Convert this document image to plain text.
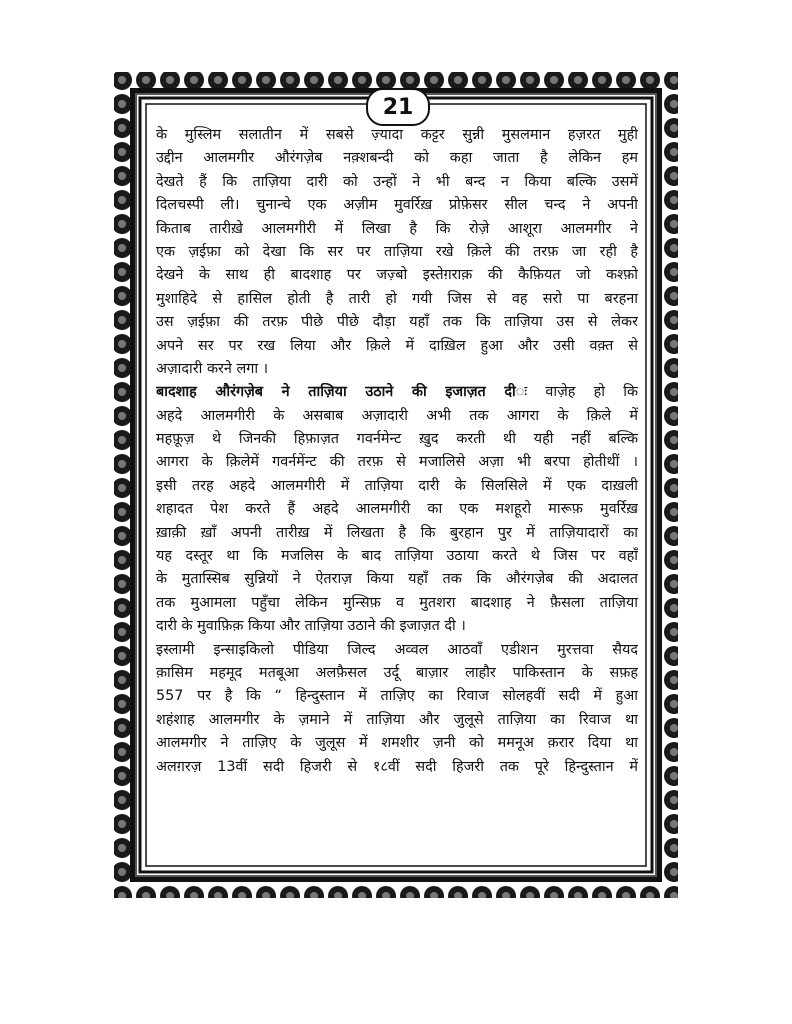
21
के मुस्लिम सलातीन में सबसे ज़्यादा कट्टर सुन्नी मुसलमान हज़रत मुही
उद्दीन आलमगीर औरंगज़ेब नक़्शबन्दी को कहा जाता है लेकिन हम
देखते हैं कि ताज़िया दारी को उन्हों ने भी बन्द न किया बल्कि उसमें
दिलचस्पी ली। चुनान्चे एक अज़ीम मुवर्रिख़ प्रोफ़ेसर सील चन्द ने अपनी
किताब तारीख़े आलमगीरी में लिखा है कि रोज़े आशूरा आलमगीर ने
एक ज़ईफ़ा को देखा कि सर पर ताज़िया रखे क़िले की तरफ़ जा रही है
देखने के साथ ही बादशाह पर जज़्बो इस्तेग़राक़ की कैफ़ियत जो कश्फ़ो
मुशाहिदे से हासिल होती है तारी हो गयी जिस से वह सरो पा बरहना
उस ज़ईफ़ा की तरफ़ पीछे पीछे दौड़ा यहाँ तक कि ताज़िया उस से लेकर
अपने सर पर रख लिया और क़िले में दाख़िल हुआ और उसी वक़्त से
अज़ादारी करने लगा ।
बादशाह औरंगज़ेब ने ताज़िया उठाने की इजाज़त दीः वाज़ेह हो कि
अहदे आलमगीरी के असबाब अज़ादारी अभी तक आगरा के क़िले में
महफ़ूज़ थे जिनकी हिफ़ाज़त गवर्नमेन्ट ख़ुद करती थी यही नहीं बल्कि
आगरा के क़िलेमें गवर्नमेंन्ट की तरफ़ से मजालिसे अज़ा भी बरपा होतीथीं ।
इसी तरह अहदे आलमगीरी में ताज़िया दारी के सिलसिले में एक दाख़ली
शहादत पेश करते हैं अहदे आलमगीरी का एक मशहूरो मारूफ़ मुवर्रिख़
ख़ाक़ी ख़ाँ अपनी तारीख़ में लिखता है कि बुरहान पुर में ताज़ियादारों का
यह दस्तूर था कि मजलिस के बाद ताज़िया उठाया करते थे जिस पर वहाँ
के मुतास्सिब सुन्नियों ने ऐतराज़ किया यहाँ तक कि औरंगज़ेब की अदालत
तक मुआमला पहुँचा लेकिन मुन्सिफ़ व मुतशरा बादशाह ने फ़ैसला ताज़िया
दारी के मुवाफ़िक़ किया और ताज़िया उठाने की इजाज़त दी ।
इस्लामी इन्साइकिलो पीडिया जिल्द अव्वल आठवाँ एडीशन मुरत्तवा सैयद
क़ासिम महमूद मतबूआ अलफ़ैसल उर्दू बाज़ार लाहौर पाकिस्तान के सफ़ह
557 पर है कि “ हिन्दुस्तान में ताज़िए का रिवाज सोलहवीं सदी में हुआ
शहंशाह आलमगीर के ज़माने में ताज़िया और जुलूसे ताज़िया का रिवाज था
आलमगीर ने ताज़िए के जुलूस में शमशीर ज़नी को ममनूअ क़रार दिया था
अलग़रज़ 13वीं सदी हिजरी से १८वीं सदी हिजरी तक पूरे हिन्दुस्तान में
